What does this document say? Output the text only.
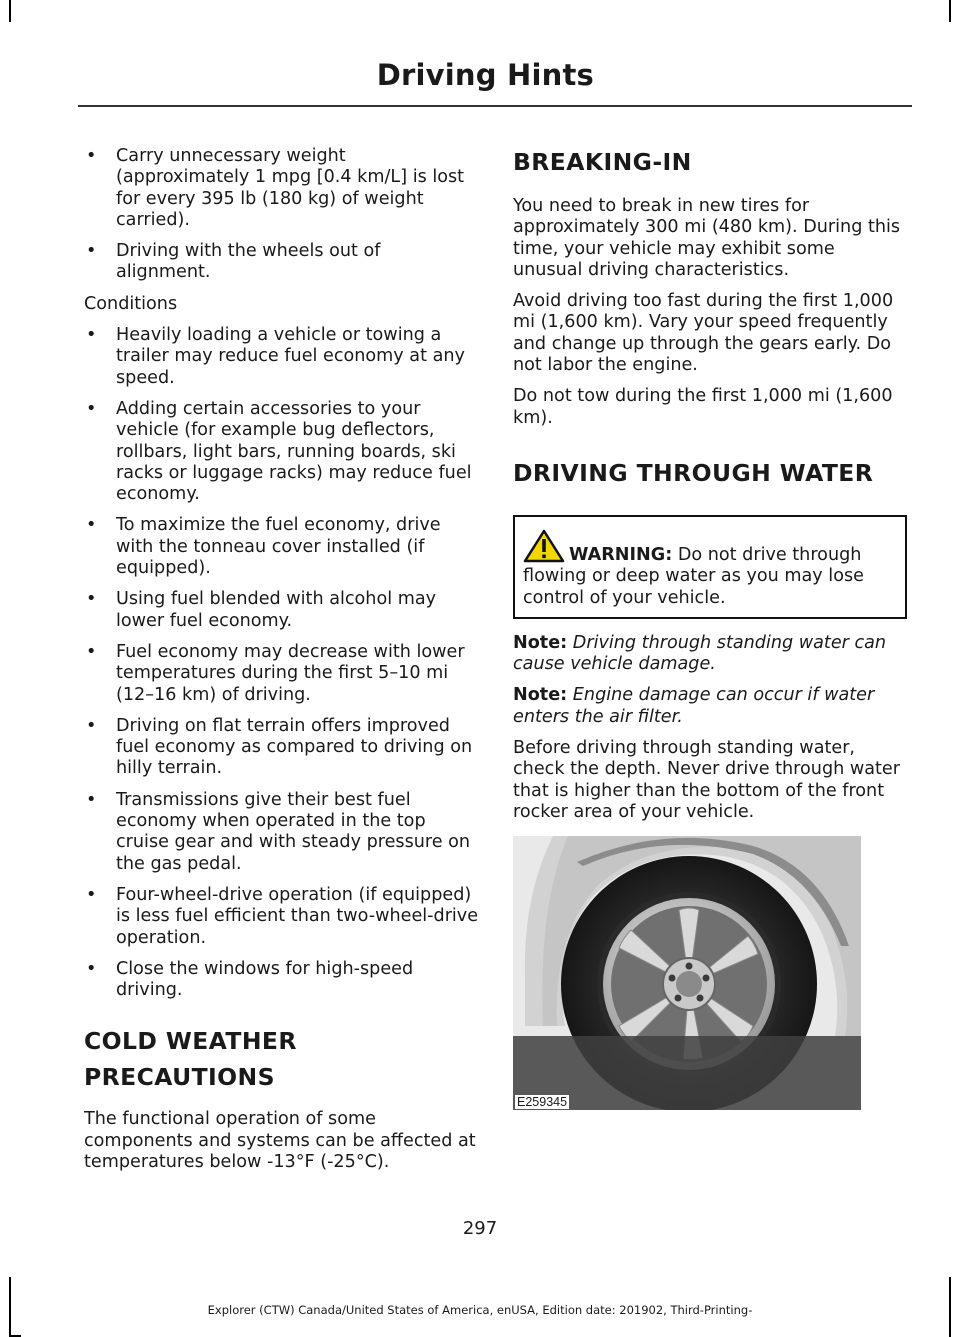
Driving Hints
• Carry unnecessary weight (approximately 1 mpg [0.4 km/L] is lost for every 395 lb (180 kg) of weight carried).
• Driving with the wheels out of alignment.

Conditions

• Heavily loading a vehicle or towing a trailer may reduce fuel economy at any speed.
• Adding certain accessories to your vehicle (for example bug deflectors, rollbars, light bars, running boards, ski racks or luggage racks) may reduce fuel economy.
• To maximize the fuel economy, drive with the tonneau cover installed (if equipped).
• Using fuel blended with alcohol may lower fuel economy.
• Fuel economy may decrease with lower temperatures during the first 5–10 mi (12–16 km) of driving.
• Driving on flat terrain offers improved fuel economy as compared to driving on hilly terrain.
• Transmissions give their best fuel economy when operated in the top cruise gear and with steady pressure on the gas pedal.
• Four-wheel-drive operation (if equipped) is less fuel efficient than two-wheel-drive operation.
• Close the windows for high-speed driving.
COLD WEATHER
PRECAUTIONS

The functional operation of some components and systems can be affected at temperatures below -13°F (-25°C).

BREAKING-IN

You need to break in new tires for approximately 300 mi (480 km). During this time, your vehicle may exhibit some unusual driving characteristics.

Avoid driving too fast during the first 1,000 mi (1,600 km). Vary your speed frequently and change up through the gears early. Do not labor the engine.

Do not tow during the first 1,000 mi (1,600 km).

DRIVING THROUGH WATER
WARNING: Do not drive through flowing or deep water as you may lose control of your vehicle.

Note: Driving through standing water can cause vehicle damage.

Note: Engine damage can occur if water enters the air filter.

Before driving through standing water, check the depth. Never drive through water that is higher than the bottom of the front rocker area of your vehicle.

E259345
297
Explorer (CTW) Canada/United States of America, enUSA, Edition date: 201902, Third-Printing-
